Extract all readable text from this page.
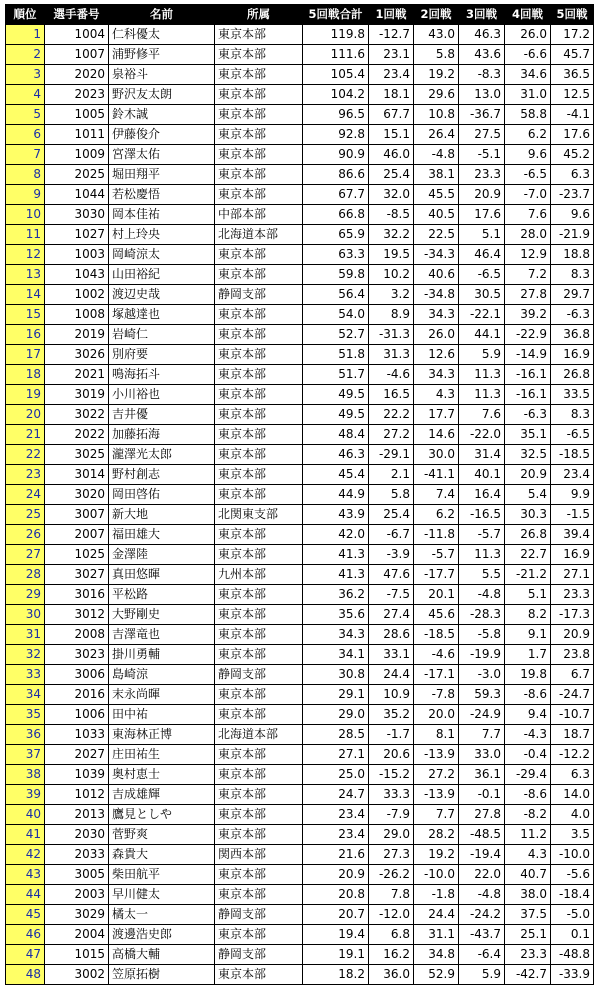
順位	選手番号	名前	所属	5回戦合計	1回戦	2回戦	3回戦	4回戦	5回戦
1	1004	仁科優太	東京本部	119.8	-12.7	43.0	46.3	26.0	17.2
2	1007	浦野修平	東京本部	111.6	23.1	5.8	43.6	-6.6	45.7
3	2020	泉裕斗	東京本部	105.4	23.4	19.2	-8.3	34.6	36.5
4	2023	野沢友太朗	東京本部	104.2	18.1	29.6	13.0	31.0	12.5
5	1005	鈴木誠	東京本部	96.5	67.7	10.8	-36.7	58.8	-4.1
6	1011	伊藤俊介	東京本部	92.8	15.1	26.4	27.5	6.2	17.6
7	1009	宮澤太佑	東京本部	90.9	46.0	-4.8	-5.1	9.6	45.2
8	2025	堀田翔平	東京本部	86.6	25.4	38.1	23.3	-6.5	6.3
9	1044	若松慶悟	東京本部	67.7	32.0	45.5	20.9	-7.0	-23.7
10	3030	岡本佳祐	中部本部	66.8	-8.5	40.5	17.6	7.6	9.6
11	1027	村上玲央	北海道本部	65.9	32.2	22.5	5.1	28.0	-21.9
12	1003	岡崎涼太	東京本部	63.3	19.5	-34.3	46.4	12.9	18.8
13	1043	山田裕紀	東京本部	59.8	10.2	40.6	-6.5	7.2	8.3
14	1002	渡辺史哉	静岡支部	56.4	3.2	-34.8	30.5	27.8	29.7
15	1008	塚越達也	東京本部	54.0	8.9	34.3	-22.1	39.2	-6.3
16	2019	岩崎仁	東京本部	52.7	-31.3	26.0	44.1	-22.9	36.8
17	3026	別府要	東京本部	51.8	31.3	12.6	5.9	-14.9	16.9
18	2021	鳴海拓斗	東京本部	51.7	-4.6	34.3	11.3	-16.1	26.8
19	3019	小川裕也	東京本部	49.5	16.5	4.3	11.3	-16.1	33.5
20	3022	吉井優	東京本部	49.5	22.2	17.7	7.6	-6.3	8.3
21	2022	加藤拓海	東京本部	48.4	27.2	14.6	-22.0	35.1	-6.5
22	3025	瀧澤光太郎	東京本部	46.3	-29.1	30.0	31.4	32.5	-18.5
23	3014	野村創志	東京本部	45.4	2.1	-41.1	40.1	20.9	23.4
24	3020	岡田啓佑	東京本部	44.9	5.8	7.4	16.4	5.4	9.9
25	3007	新大地	北関東支部	43.9	25.4	6.2	-16.5	30.3	-1.5
26	2007	福田雄大	東京本部	42.0	-6.7	-11.8	-5.7	26.8	39.4
27	1025	金澤陸	東京本部	41.3	-3.9	-5.7	11.3	22.7	16.9
28	3027	真田悠暉	九州本部	41.3	47.6	-17.7	5.5	-21.2	27.1
29	3016	平松路	東京本部	36.2	-7.5	20.1	-4.8	5.1	23.3
30	3012	大野剛史	東京本部	35.6	27.4	45.6	-28.3	8.2	-17.3
31	2008	吉澤竜也	東京本部	34.3	28.6	-18.5	-5.8	9.1	20.9
32	3023	掛川勇輔	東京本部	34.1	33.1	-4.6	-19.9	1.7	23.8
33	3006	島崎涼	静岡支部	30.8	24.4	-17.1	-3.0	19.8	6.7
34	2016	末永尚暉	東京本部	29.1	10.9	-7.8	59.3	-8.6	-24.7
35	1006	田中祐	東京本部	29.0	35.2	20.0	-24.9	9.4	-10.7
36	1033	東海林正博	北海道本部	28.5	-1.7	8.1	7.7	-4.3	18.7
37	2027	庄田祐生	東京本部	27.1	20.6	-13.9	33.0	-0.4	-12.2
38	1039	奥村恵士	東京本部	25.0	-15.2	27.2	36.1	-29.4	6.3
39	1012	吉成雄輝	東京本部	24.7	33.3	-13.9	-0.1	-8.6	14.0
40	2013	鷹見としや	東京本部	23.4	-7.9	7.7	27.8	-8.2	4.0
41	2030	菅野爽	東京本部	23.4	29.0	28.2	-48.5	11.2	3.5
42	2033	森貴大	関西本部	21.6	27.3	19.2	-19.4	4.3	-10.0
43	3005	柴田航平	東京本部	20.9	-26.2	-10.0	22.0	40.7	-5.6
44	2003	早川健太	東京本部	20.8	7.8	-1.8	-4.8	38.0	-18.4
45	3029	橘太一	静岡支部	20.7	-12.0	24.4	-24.2	37.5	-5.0
46	2004	渡邊浩史郎	東京本部	19.4	6.8	31.1	-43.7	25.1	0.1
47	1015	高橋大輔	静岡支部	19.1	16.2	34.8	-6.4	23.3	-48.8
48	3002	笠原拓樹	東京本部	18.2	36.0	52.9	5.9	-42.7	-33.9
